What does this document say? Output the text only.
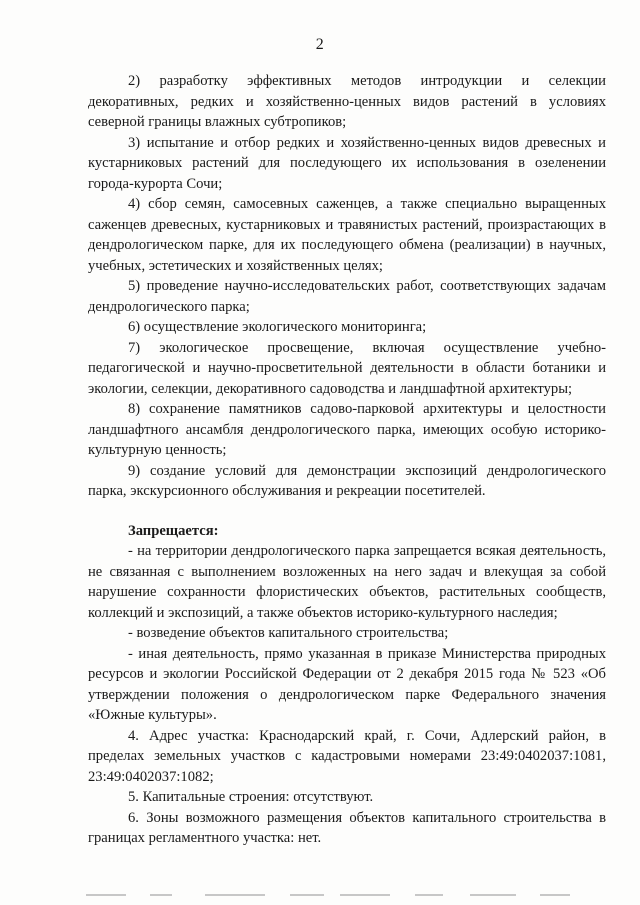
2

2) разработку эффективных методов интродукции и селекции декоративных, редких и хозяйственно-ценных видов растений в условиях северной границы влажных субтропиков;

3) испытание и отбор редких и хозяйственно-ценных видов древесных и кустарниковых растений для последующего их использования в озеленении города-курорта Сочи;

4) сбор семян, самосевных саженцев, а также специально выращенных саженцев древесных, кустарниковых и травянистых растений, произрастающих в дендрологическом парке, для их последующего обмена (реализации) в научных, учебных, эстетических и хозяйственных целях;

5) проведение научно-исследовательских работ, соответствующих задачам дендрологического парка;

6) осуществление экологического мониторинга;

7) экологическое просвещение, включая осуществление учебно-педагогической и научно-просветительной деятельности в области ботаники и экологии, селекции, декоративного садоводства и ландшафтной архитектуры;

8) сохранение памятников садово-парковой архитектуры и целостности ландшафтного ансамбля дендрологического парка, имеющих особую историко-культурную ценность;

9) создание условий для демонстрации экспозиций дендрологического парка, экскурсионного обслуживания и рекреации посетителей.

Запрещается:

- на территории дендрологического парка запрещается всякая деятельность, не связанная с выполнением возложенных на него задач и влекущая за собой нарушение сохранности флористических объектов, растительных сообществ, коллекций и экспозиций, а также объектов историко-культурного наследия;

- возведение объектов капитального строительства;

- иная деятельность, прямо указанная в приказе Министерства природных ресурсов и экологии Российской Федерации от 2 декабря 2015 года № 523 «Об утверждении положения о дендрологическом парке Федерального значения «Южные культуры».

4. Адрес участка: Краснодарский край, г. Сочи, Адлерский район, в пределах земельных участков с кадастровыми номерами 23:49:0402037:1081, 23:49:0402037:1082;

5. Капитальные строения: отсутствуют.

6. Зоны возможного размещения объектов капитального строительства в границах регламентного участка: нет.
